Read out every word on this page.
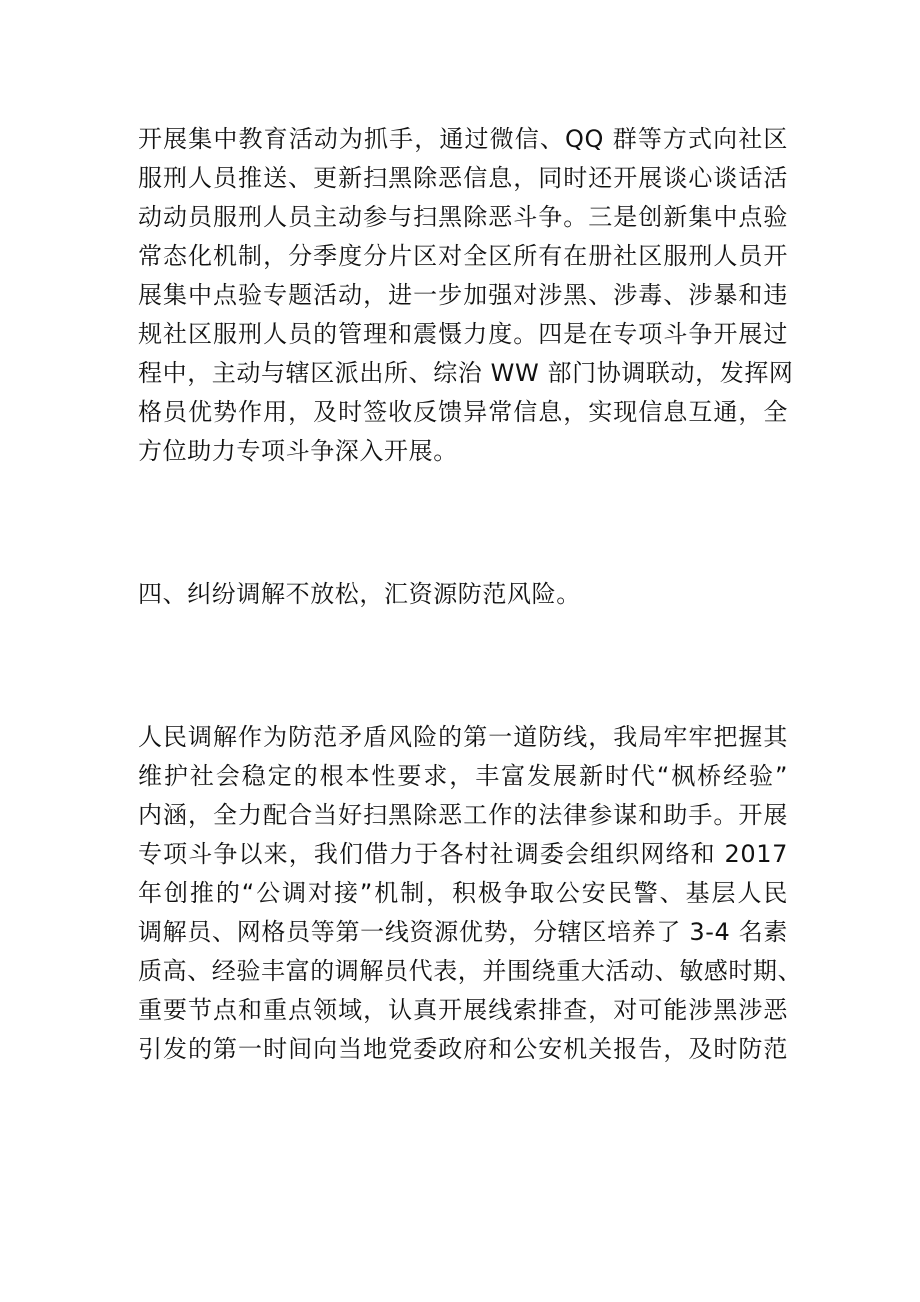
开展集中教育活动为抓手，通过微信、QQ 群等方式向社区
服刑人员推送、更新扫黑除恶信息，同时还开展谈心谈话活
动动员服刑人员主动参与扫黑除恶斗争。三是创新集中点验
常态化机制，分季度分片区对全区所有在册社区服刑人员开
展集中点验专题活动，进一步加强对涉黑、涉毒、涉暴和违
规社区服刑人员的管理和震慑力度。四是在专项斗争开展过
程中，主动与辖区派出所、综治 WW 部门协调联动，发挥网
格员优势作用，及时签收反馈异常信息，实现信息互通，全
方位助力专项斗争深入开展。
四、纠纷调解不放松，汇资源防范风险。
人民调解作为防范矛盾风险的第一道防线，我局牢牢把握其
维护社会稳定的根本性要求，丰富发展新时代“枫桥经验”
内涵，全力配合当好扫黑除恶工作的法律参谋和助手。开展
专项斗争以来，我们借力于各村社调委会组织网络和 2017
年创推的“公调对接”机制，积极争取公安民警、基层人民
调解员、网格员等第一线资源优势，分辖区培养了 3-4 名素
质高、经验丰富的调解员代表，并围绕重大活动、敏感时期、
重要节点和重点领域，认真开展线索排查，对可能涉黑涉恶
引发的第一时间向当地党委政府和公安机关报告，及时防范
